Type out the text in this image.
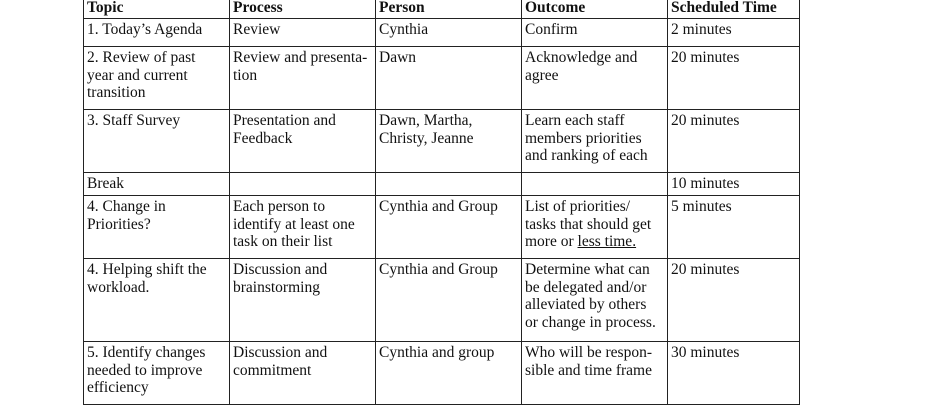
Topic	Process	Person	Outcome	Scheduled Time

1. Today’s Agenda	Review	Cynthia	Confirm	2 minutes

2. Review of past
year and current
transition	Review and presenta-
tion	Dawn	Acknowledge and
agree	20 minutes

3. Staff Survey	Presentation and
Feedback	Dawn, Martha,
Christy, Jeanne	Learn each staff
members priorities
and ranking of each	20 minutes

Break				10 minutes

4. Change in
Priorities?	Each person to
identify at least one
task on their list	Cynthia and Group	List of priorities/
tasks that should get
more or less time.	5 minutes

4. Helping shift the
workload.	Discussion and
brainstorming	Cynthia and Group	Determine what can
be delegated and/or
alleviated by others
or change in process.	20 minutes

5. Identify changes
needed to improve
efficiency	Discussion and
commitment	Cynthia and group	Who will be respon-
sible and time frame	30 minutes
